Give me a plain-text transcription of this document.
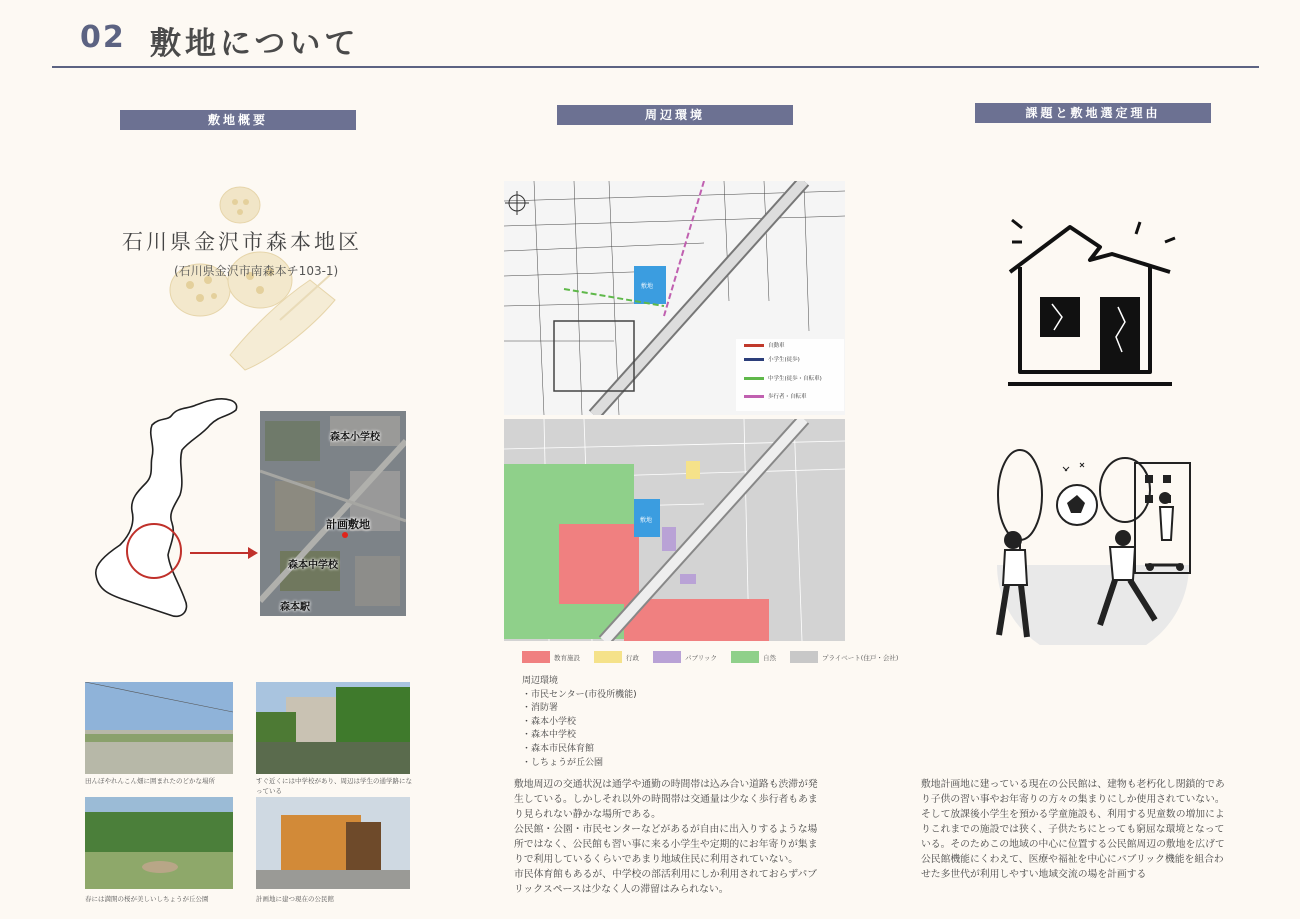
02 敷地について
敷地概要	周辺環境	課題と敷地選定理由
石川県金沢市森本地区
(石川県金沢市南森本チ103-1)
森本小学校
計画敷地
森本中学校
森本駅
田んぼやれんこん畑に囲まれたのどかな場所	すぐ近くには中学校があり、周辺は学生の通学路になっている
春には満開の桜が美しいしちょうが丘公園	計画地に建つ現在の公民館
敷地
自動車
小学生(徒歩)
中学生(徒歩・自転車)
歩行者・自転車
敷地
教育施設	行政	パブリック	自然	プライベート(住戸・会社)
周辺環境
・市民センター(市役所機能)
・消防署
・森本小学校
・森本中学校
・森本市民体育館
・しちょうが丘公園
敷地周辺の交通状況は通学や通勤の時間帯は込み合い道路も渋滞が発
生している。しかしそれ以外の時間帯は交通量は少なく歩行者もあま
り見られない静かな場所である。
公民館・公園・市民センターなどがあるが自由に出入りするような場
所ではなく、公民館も習い事に来る小学生や定期的にお年寄りが集ま
りで利用しているくらいであまり地域住民に利用されていない。
市民体育館もあるが、中学校の部活利用にしか利用されておらずパブ
リックスペースは少なく人の滞留はみられない。
敷地計画地に建っている現在の公民館は、建物も老朽化し閉鎖的であ
り子供の習い事やお年寄りの方々の集まりにしか使用されていない。
そして放課後小学生を預かる学童施設も、利用する児童数の増加によ
りこれまでの施設では狭く、子供たちにとっても窮屈な環境となって
いる。そのためこの地域の中心に位置する公民館周辺の敷地を広げて
公民館機能にくわえて、医療や福祉を中心にパブリック機能を組合わ
せた多世代が利用しやすい地域交流の場を計画する
